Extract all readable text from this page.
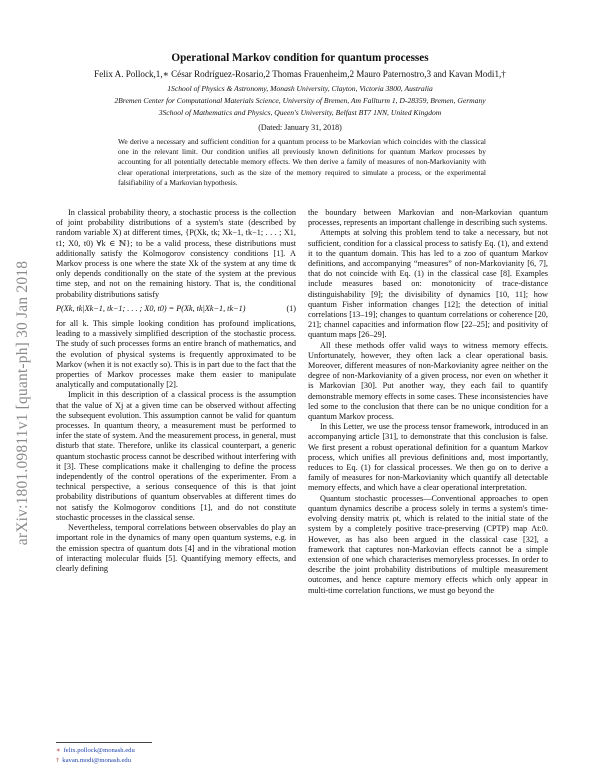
arXiv:1801.09811v1 [quant-ph] 30 Jan 2018
Operational Markov condition for quantum processes
Felix A. Pollock,1,∗ César Rodríguez-Rosario,2 Thomas Frauenheim,2 Mauro Paternostro,3 and Kavan Modi1,†
1School of Physics & Astronomy, Monash University, Clayton, Victoria 3800, Australia
2Bremen Center for Computational Materials Science, University of Bremen, Am Fallturm 1, D-28359, Bremen, Germany
3School of Mathematics and Physics, Queen's University, Belfast BT7 1NN, United Kingdom
(Dated: January 31, 2018)
We derive a necessary and sufficient condition for a quantum process to be Markovian which coincides with the classical one in the relevant limit. Our condition unifies all previously known definitions for quantum Markov processes by accounting for all potentially detectable memory effects. We then derive a family of measures of non-Markovianity with clear operational interpretations, such as the size of the memory required to simulate a process, or the experimental falsifiability of a Markovian hypothesis.

In classical probability theory, a stochastic process is the collection of joint probability distributions of a system's state (described by random variable X) at different times, {P(Xk, tk; Xk−1, tk−1; . . . ; X1, t1; X0, t0) ∀k ∈ ℕ}; to be a valid process, these distributions must additionally satisfy the Kolmogorov consistency conditions [1]. A Markov process is one where the state Xk of the system at any time tk only depends conditionally on the state of the system at the previous time step, and not on the remaining history. That is, the conditional probability distributions satisfy

P(Xk, tk|Xk−1, tk−1; . . . ; X0, t0) = P(Xk, tk|Xk−1, tk−1)	(1)

for all k. This simple looking condition has profound implications, leading to a massively simplified description of the stochastic process. The study of such processes forms an entire branch of mathematics, and the evolution of physical systems is frequently approximated to be Markov (when it is not exactly so). This is in part due to the fact that the properties of Markov processes make them easier to manipulate analytically and computationally [2].

Implicit in this description of a classical process is the assumption that the value of Xj at a given time can be observed without affecting the subsequent evolution. This assumption cannot be valid for quantum processes. In quantum theory, a measurement must be performed to infer the state of system. And the measurement process, in general, must disturb that state. Therefore, unlike its classical counterpart, a generic quantum stochastic process cannot be described without interfering with it [3]. These complications make it challenging to define the process independently of the control operations of the experimenter. From a technical perspective, a serious consequence of this is that joint probability distributions of quantum observables at different times do not satisfy the Kolmogorov conditions [1], and do not constitute stochastic processes in the classical sense.

Nevertheless, temporal correlations between observables do play an important role in the dynamics of many open quantum systems, e.g. in the emission spectra of quantum dots [4] and in the vibrational motion of interacting molecular fluids [5]. Quantifying memory effects, and clearly defining

the boundary between Markovian and non-Markovian quantum processes, represents an important challenge in describing such systems.

Attempts at solving this problem tend to take a necessary, but not sufficient, condition for a classical process to satisfy Eq. (1), and extend it to the quantum domain. This has led to a zoo of quantum Markov definitions, and accompanying “measures” of non-Markovianity [6, 7], that do not coincide with Eq. (1) in the classical case [8]. Examples include measures based on: monotonicity of trace-distance distinguishability [9]; the divisibility of dynamics [10, 11]; how quantum Fisher information changes [12]; the detection of initial correlations [13–19]; changes to quantum correlations or coherence [20, 21]; channel capacities and information flow [22–25]; and positivity of quantum maps [26–29].

All these methods offer valid ways to witness memory effects. Unfortunately, however, they often lack a clear operational basis. Moreover, different measures of non-Markovianity agree neither on the degree of non-Markovianity of a given process, nor even on whether it is Markovian [30]. Put another way, they each fail to quantify demonstrable memory effects in some cases. These inconsistencies have led some to the conclusion that there can be no unique condition for a quantum Markov process.

In this Letter, we use the process tensor framework, introduced in an accompanying article [31], to demonstrate that this conclusion is false. We first present a robust operational definition for a quantum Markov process, which unifies all previous definitions and, most importantly, reduces to Eq. (1) for classical processes. We then go on to derive a family of measures for non-Markovianity which quantify all detectable memory effects, and which have a clear operational interpretation.

Quantum stochastic processes—Conventional approaches to open quantum dynamics describe a process solely in terms a system's time-evolving density matrix ρt, which is related to the initial state of the system by a completely positive trace-preserving (CPTP) map Λt:0. However, as has also been argued in the classical case [32], a framework that captures non-Markovian effects cannot be a simple extension of one which characterises memoryless processes. In order to describe the joint probability distributions of multiple measurement outcomes, and hence capture memory effects which only appear in multi-time correlation functions, we must go beyond the

∗ felix.pollock@monash.edu
† kavan.modi@monash.edu
